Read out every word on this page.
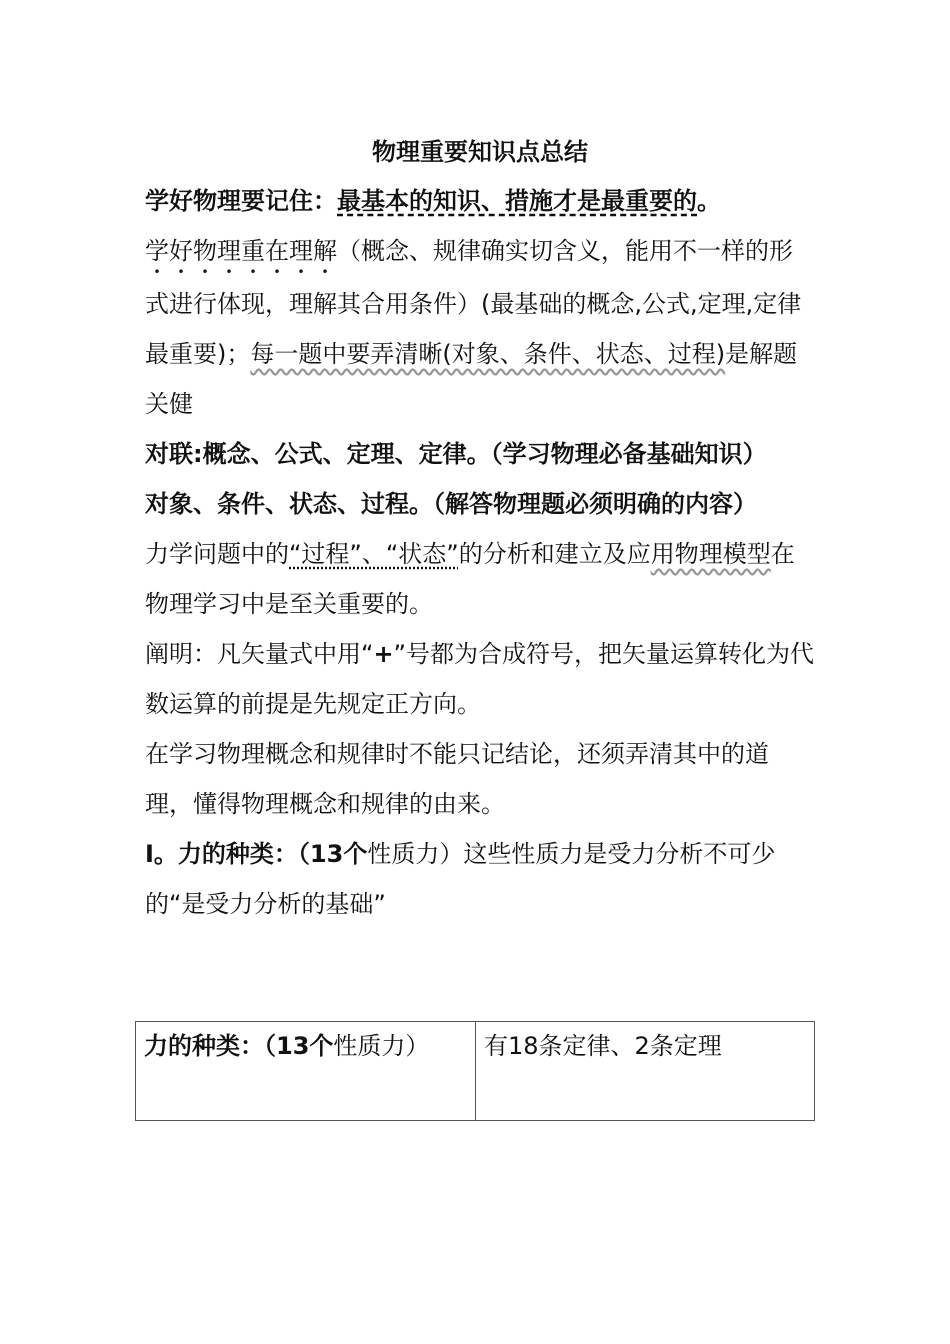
物理重要知识点总结

学好物理要记住：最基本的知识、措施才是最重要的。

学好物理重在理解（概念、规律确实切含义，能用不一样的形式进行体现，理解其合用条件）(最基础的概念,公式,定理,定律最重要)；每一题中要弄清晰(对象、条件、状态、过程)是解题关健

对联:概念、公式、定理、定律。（学习物理必备基础知识）

对象、条件、状态、过程。（解答物理题必须明确的内容）

力学问题中的“过程”、“状态”的分析和建立及应用物理模型在物理学习中是至关重要的。

阐明：凡矢量式中用“+”号都为合成符号，把矢量运算转化为代数运算的前提是先规定正方向。

在学习物理概念和规律时不能只记结论，还须弄清其中的道理，懂得物理概念和规律的由来。

I。力的种类：（13个性质力）这些性质力是受力分析不可少的“是受力分析的基础”

力的种类：（13个性质力）	有18条定律、2条定理
